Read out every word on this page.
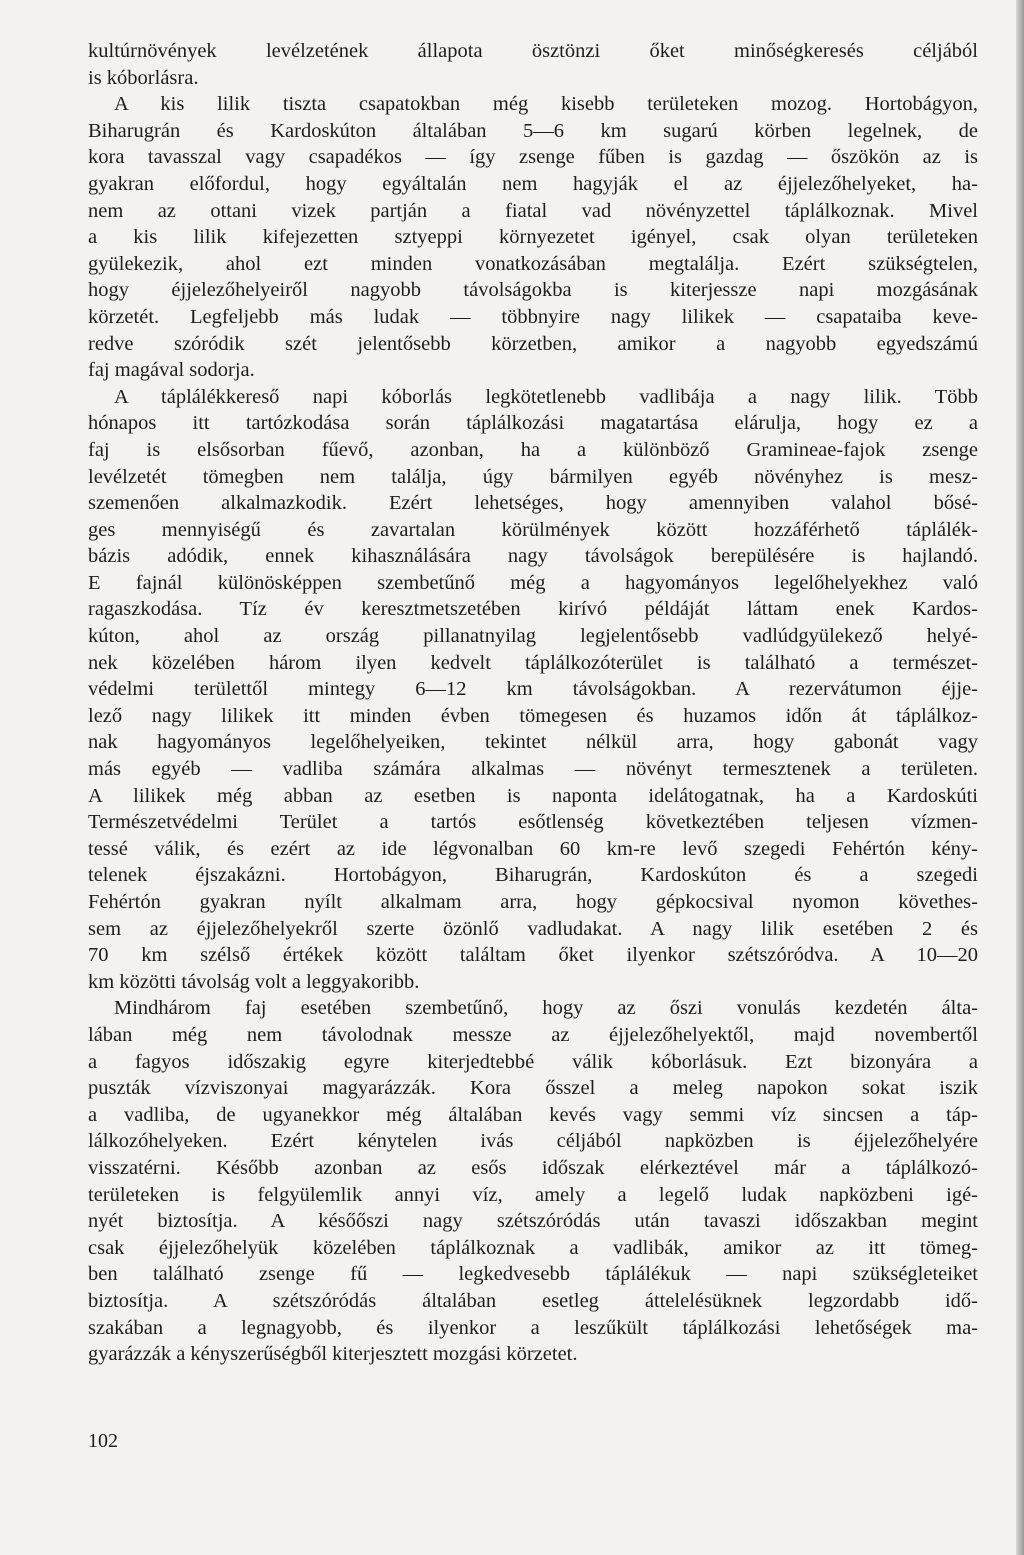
kultúrnövények levélzetének állapota ösztönzi őket minőségkeresés céljából
is kóborlásra.
A kis lilik tiszta csapatokban még kisebb területeken mozog. Hortobágyon,
Biharugrán és Kardoskúton általában 5—6 km sugarú körben legelnek, de
kora tavasszal vagy csapadékos — így zsenge fűben is gazdag — őszökön az is
gyakran előfordul, hogy egyáltalán nem hagyják el az éjjelezőhelyeket, ha-
nem az ottani vizek partján a fiatal vad növényzettel táplálkoznak. Mivel
a kis lilik kifejezetten sztyeppi környezetet igényel, csak olyan területeken
gyülekezik, ahol ezt minden vonatkozásában megtalálja. Ezért szükségtelen,
hogy éjjelezőhelyeiről nagyobb távolságokba is kiterjessze napi mozgásának
körzetét. Legfeljebb más ludak — többnyire nagy lilikek — csapataiba keve-
redve szóródik szét jelentősebb körzetben, amikor a nagyobb egyedszámú
faj magával sodorja.
A táplálékkereső napi kóborlás legkötetlenebb vadlibája a nagy lilik. Több
hónapos itt tartózkodása során táplálkozási magatartása elárulja, hogy ez a
faj is elsősorban fűevő, azonban, ha a különböző Gramineae-fajok zsenge
levélzetét tömegben nem találja, úgy bármilyen egyéb növényhez is mesz-
szemenően alkalmazkodik. Ezért lehetséges, hogy amennyiben valahol bősé-
ges mennyiségű és zavartalan körülmények között hozzáférhető táplálék-
bázis adódik, ennek kihasználására nagy távolságok berepülésére is hajlandó.
E fajnál különösképpen szembetűnő még a hagyományos legelőhelyekhez való
ragaszkodása. Tíz év keresztmetszetében kirívó példáját láttam enek Kardos-
kúton, ahol az ország pillanatnyilag legjelentősebb vadlúdgyülekező helyé-
nek közelében három ilyen kedvelt táplálkozóterület is található a természet-
védelmi területtől mintegy 6—12 km távolságokban. A rezervátumon éjje-
lező nagy lilikek itt minden évben tömegesen és huzamos időn át táplálkoz-
nak hagyományos legelőhelyeiken, tekintet nélkül arra, hogy gabonát vagy
más egyéb — vadliba számára alkalmas — növényt termesztenek a területen.
A lilikek még abban az esetben is naponta idelátogatnak, ha a Kardoskúti
Természetvédelmi Terület a tartós esőtlenség következtében teljesen vízmen-
tessé válik, és ezért az ide légvonalban 60 km-re levő szegedi Fehértón kény-
telenek éjszakázni. Hortobágyon, Biharugrán, Kardoskúton és a szegedi
Fehértón gyakran nyílt alkalmam arra, hogy gépkocsival nyomon követhes-
sem az éjjelezőhelyekről szerte özönlő vadludakat. A nagy lilik esetében 2 és
70 km szélső értékek között találtam őket ilyenkor szétszóródva. A 10—20
km közötti távolság volt a leggyakoribb.
Mindhárom faj esetében szembetűnő, hogy az őszi vonulás kezdetén álta-
lában még nem távolodnak messze az éjjelezőhelyektől, majd novembertől
a fagyos időszakig egyre kiterjedtebbé válik kóborlásuk. Ezt bizonyára a
puszták vízviszonyai magyarázzák. Kora ősszel a meleg napokon sokat iszik
a vadliba, de ugyanekkor még általában kevés vagy semmi víz sincsen a táp-
lálkozóhelyeken. Ezért kénytelen ivás céljából napközben is éjjelezőhelyére
visszatérni. Később azonban az esős időszak elérkeztével már a táplálkozó-
területeken is felgyülemlik annyi víz, amely a legelő ludak napközbeni igé-
nyét biztosítja. A későőszi nagy szétszóródás után tavaszi időszakban megint
csak éjjelezőhelyük közelében táplálkoznak a vadlibák, amikor az itt tömeg-
ben található zsenge fű — legkedvesebb táplálékuk — napi szükségleteiket
biztosítja. A szétszóródás általában esetleg áttelelésüknek legzordabb idő-
szakában a legnagyobb, és ilyenkor a leszűkült táplálkozási lehetőségek ma-
gyarázzák a kényszerűségből kiterjesztett mozgási körzetet.
102
